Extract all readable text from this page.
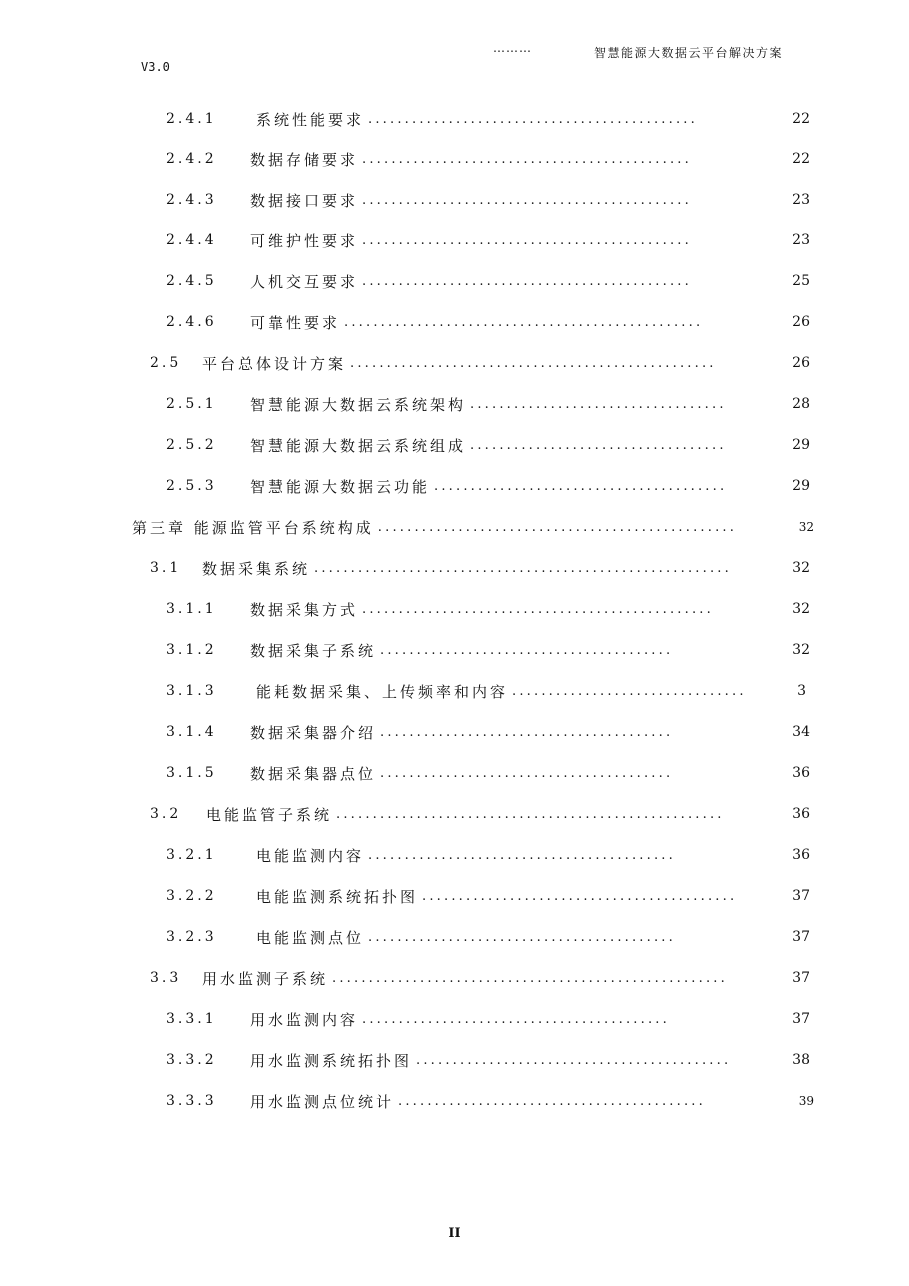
………	智慧能源大数据云平台解决方案
V3.0
2.4.1	系统性能要求 .............................................	22
2.4.2	数据存储要求 .............................................	22
2.4.3	数据接口要求 .............................................	23
2.4.4	可维护性要求 .............................................	23
2.4.5	人机交互要求 .............................................	25
2.4.6	可靠性要求 .................................................	26
2.5	平台总体设计方案 ..................................................	26
2.5.1	智慧能源大数据云系统架构 ...................................	28
2.5.2	智慧能源大数据云系统组成 ...................................	29
2.5.3	智慧能源大数据云功能 ........................................	29
第三章 能源监管平台系统构成 .................................................	32
3.1	数据采集系统 .........................................................	32
3.1.1	数据采集方式 ................................................	32
3.1.2	数据采集子系统 ........................................	32
3.1.3	能耗数据采集、上传频率和内容 ................................	3
3.1.4	数据采集器介绍 ........................................	34
3.1.5	数据采集器点位 ........................................	36
3.2	电能监管子系统 .....................................................	36
3.2.1	电能监测内容 ..........................................	36
3.2.2	电能监测系统拓扑图 ...........................................	37
3.2.3	电能监测点位 ..........................................	37
3.3	用水监测子系统 ......................................................	37
3.3.1	用水监测内容 ..........................................	37
3.3.2	用水监测系统拓扑图 ...........................................	38
3.3.3	用水监测点位统计 ..........................................	39
II
